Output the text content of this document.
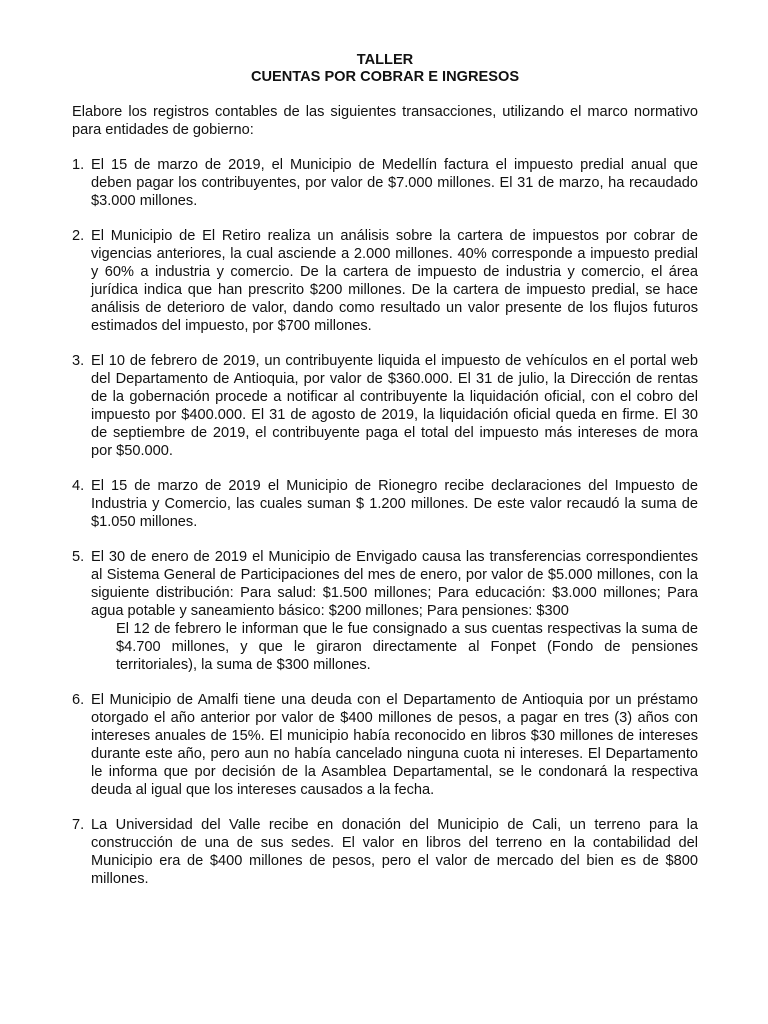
TALLER

CUENTAS POR COBRAR E INGRESOS

Elabore los registros contables de las siguientes transacciones, utilizando el marco normativo para entidades de gobierno:

1. El 15 de marzo de 2019, el Municipio de Medellín factura el impuesto predial anual que deben pagar los contribuyentes, por valor de $7.000 millones. El 31 de marzo, ha recaudado $3.000 millones.

2. El Municipio de El Retiro realiza un análisis sobre la cartera de impuestos por cobrar de vigencias anteriores, la cual asciende a 2.000 millones. 40% corresponde a impuesto predial y 60% a industria y comercio. De la cartera de impuesto de industria y comercio, el área jurídica indica que han prescrito $200 millones. De la cartera de impuesto predial, se hace análisis de deterioro de valor, dando como resultado un valor presente de los flujos futuros estimados del impuesto, por $700 millones.

3. El 10 de febrero de 2019, un contribuyente liquida el impuesto de vehículos en el portal web del Departamento de Antioquia, por valor de $360.000. El 31 de julio, la Dirección de rentas de la gobernación procede a notificar al contribuyente la liquidación oficial, con el cobro del impuesto por $400.000. El 31 de agosto de 2019, la liquidación oficial queda en firme. El 30 de septiembre de 2019, el contribuyente paga el total del impuesto más intereses de mora por $50.000.

4. El 15 de marzo de 2019 el Municipio de Rionegro recibe declaraciones del Impuesto de Industria y Comercio, las cuales suman $ 1.200 millones. De este valor recaudó la suma de $1.050 millones.

5. El 30 de enero de 2019 el Municipio de Envigado causa las transferencias correspondientes al Sistema General de Participaciones del mes de enero, por valor de $5.000 millones, con la siguiente distribución: Para salud: $1.500 millones; Para educación: $3.000 millones; Para agua potable y saneamiento básico: $200 millones; Para pensiones: $300

El 12 de febrero le informan que le fue consignado a sus cuentas respectivas la suma de $4.700 millones, y que le giraron directamente al Fonpet (Fondo de pensiones territoriales), la suma de $300 millones.

6. El Municipio de Amalfi tiene una deuda con el Departamento de Antioquia por un préstamo otorgado el año anterior por valor de $400 millones de pesos, a pagar en tres (3) años con intereses anuales de 15%. El municipio había reconocido en libros $30 millones de intereses durante este año, pero aun no había cancelado ninguna cuota ni intereses. El Departamento le informa que por decisión de la Asamblea Departamental, se le condonará la respectiva deuda al igual que los intereses causados a la fecha.

7. La Universidad del Valle recibe en donación del Municipio de Cali, un terreno para la construcción de una de sus sedes. El valor en libros del terreno en la contabilidad del Municipio era de $400 millones de pesos, pero el valor de mercado del bien es de $800 millones.
